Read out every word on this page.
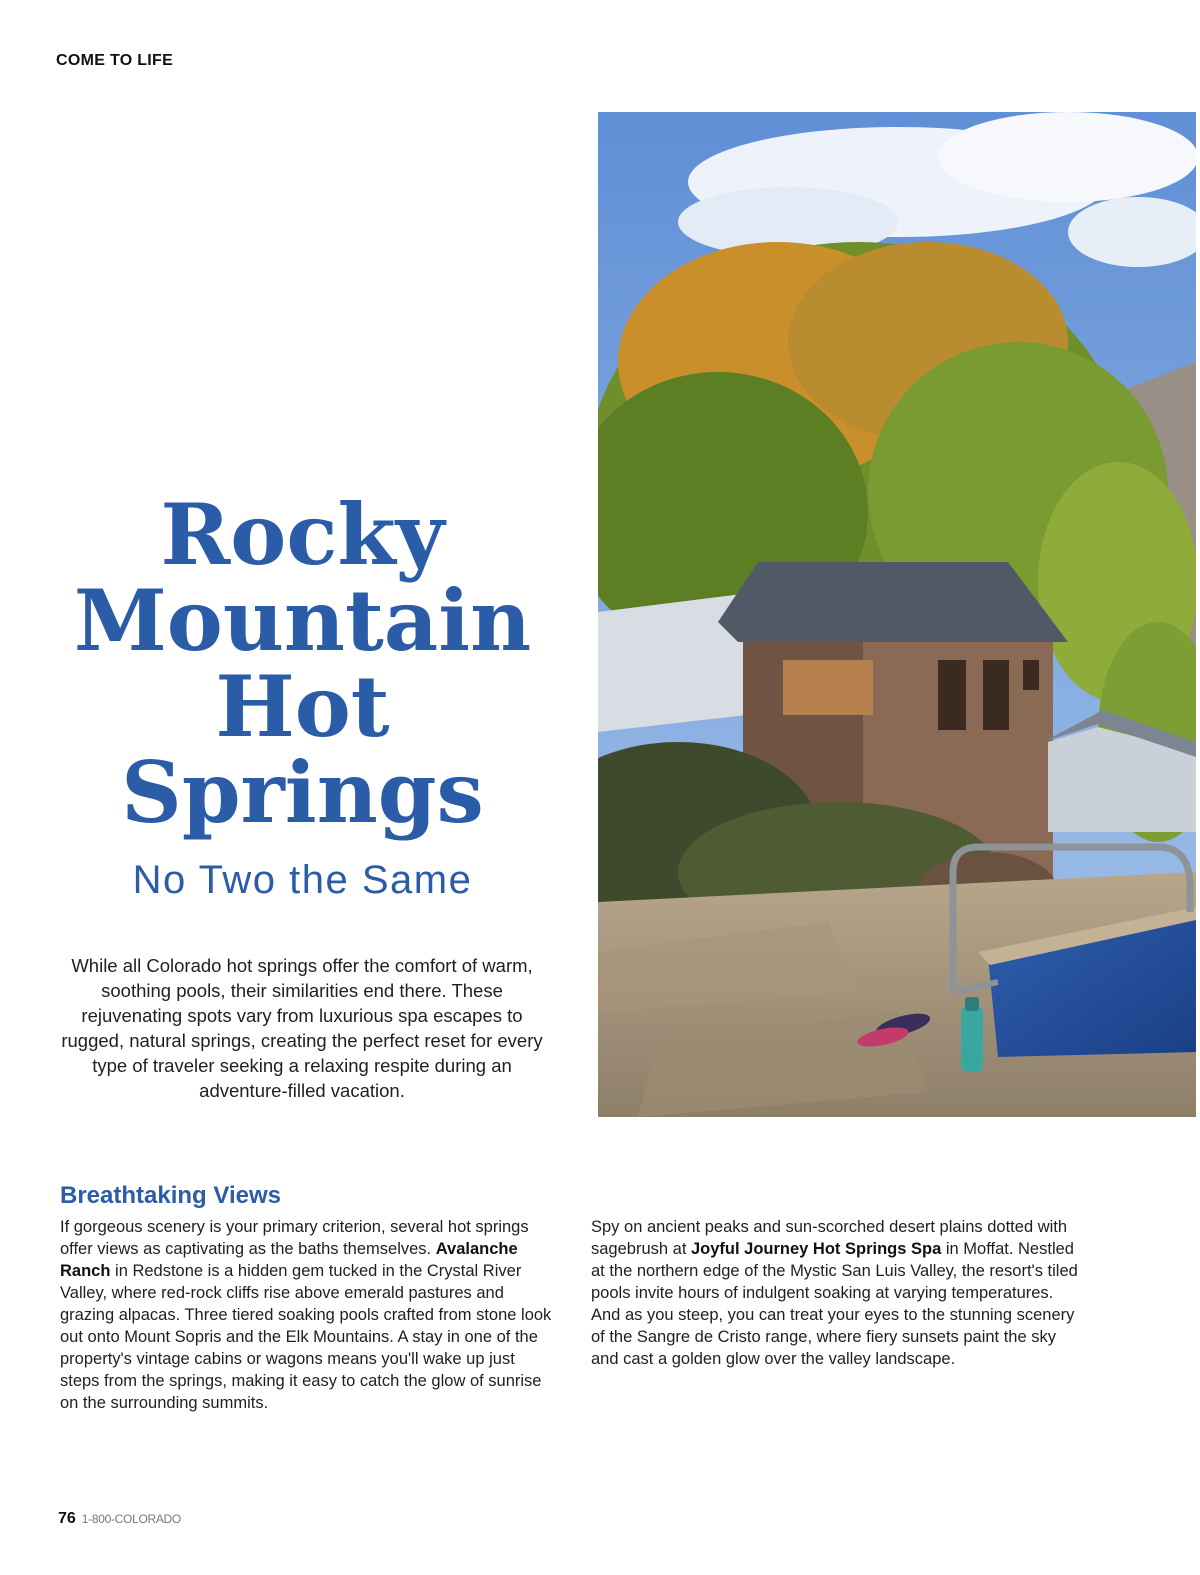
COME TO LIFE
Rocky
Mountain
Hot
Springs

No Two the Same

While all Colorado hot springs offer the comfort of warm, soothing pools, their similarities end there. These rejuvenating spots vary from luxurious spa escapes to rugged, natural springs, creating the perfect reset for every type of traveler seeking a relaxing respite during an adventure-filled vacation.

Breathtaking Views

If gorgeous scenery is your primary criterion, several hot springs offer views as captivating as the baths themselves. Avalanche Ranch in Redstone is a hidden gem tucked in the Crystal River Valley, where red-rock cliffs rise above emerald pastures and grazing alpacas. Three tiered soaking pools crafted from stone look out onto Mount Sopris and the Elk Mountains. A stay in one of the property's vintage cabins or wagons means you'll wake up just steps from the springs, making it easy to catch the glow of sunrise on the surrounding summits.

Spy on ancient peaks and sun-scorched desert plains dotted with sagebrush at Joyful Journey Hot Springs Spa in Moffat. Nestled at the northern edge of the Mystic San Luis Valley, the resort's tiled pools invite hours of indulgent soaking at varying temperatures. And as you steep, you can treat your eyes to the stunning scenery of the Sangre de Cristo range, where fiery sunsets paint the sky and cast a golden glow over the valley landscape.

76 1-800-COLORADO
